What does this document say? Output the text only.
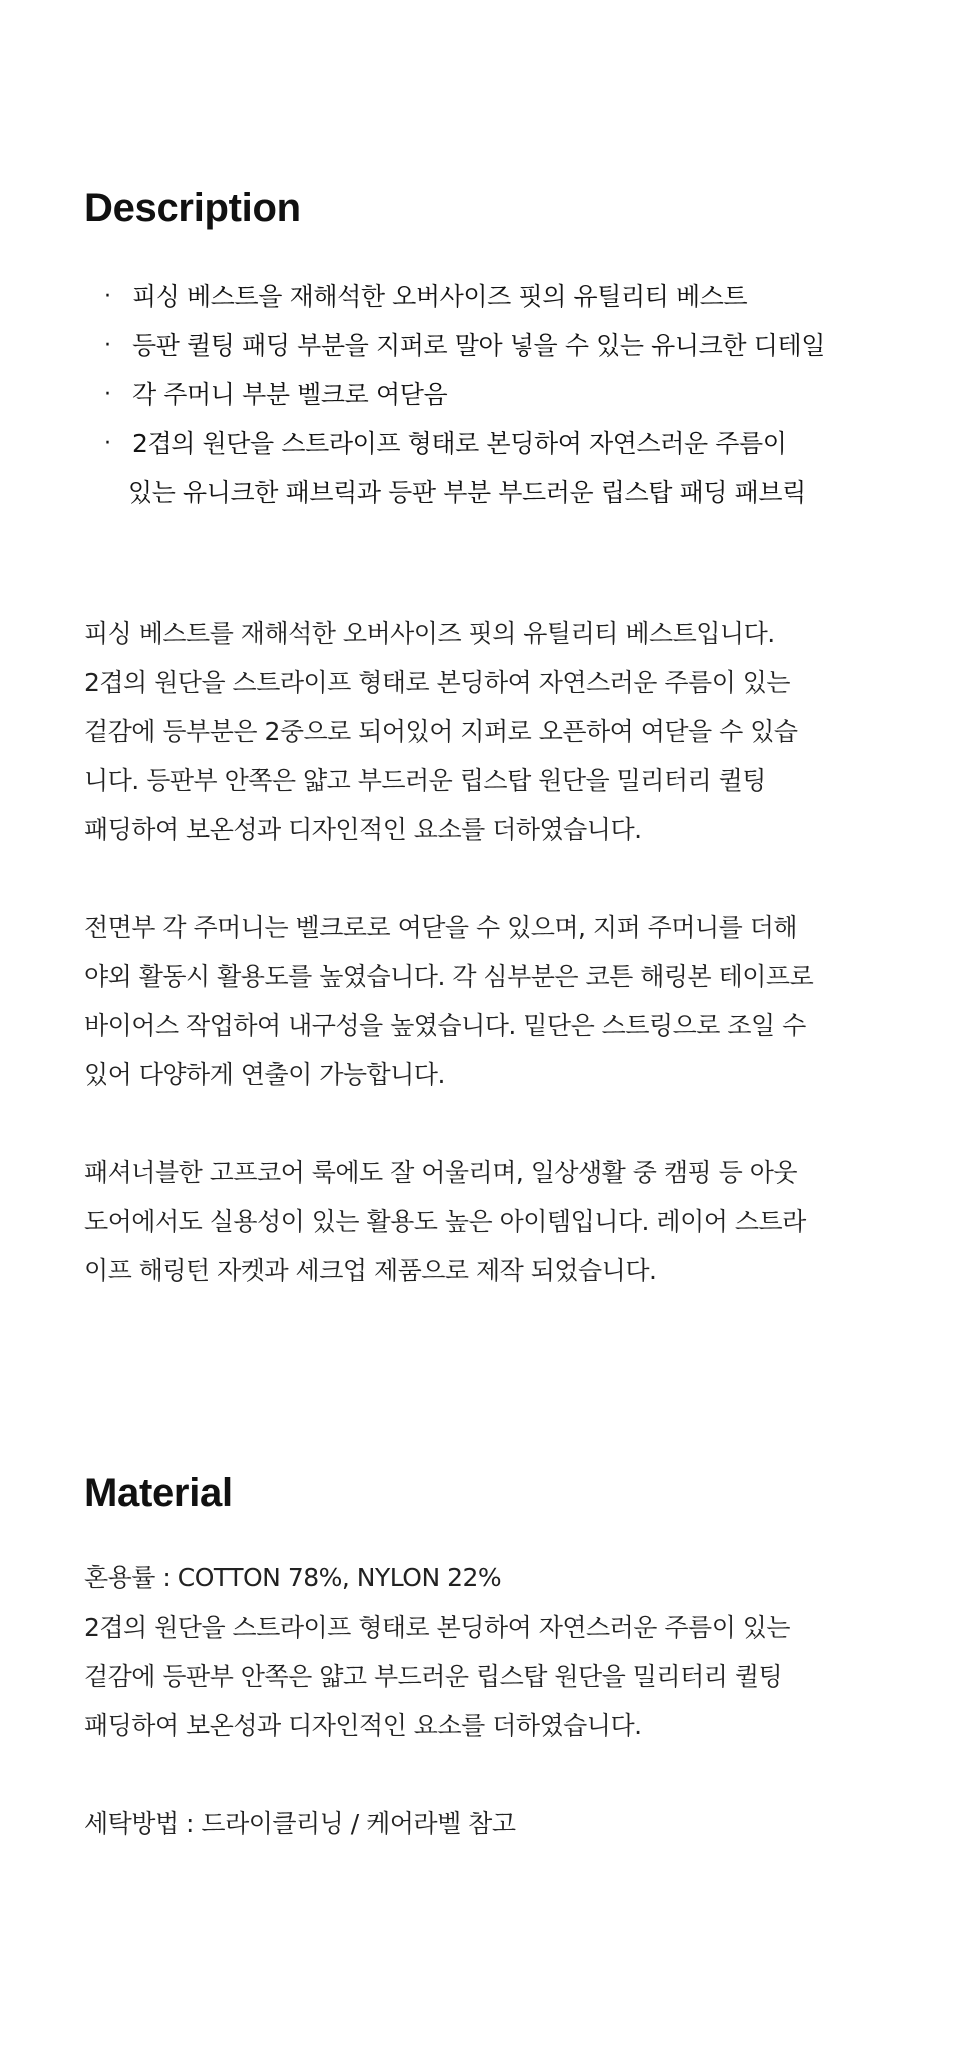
Description
· 피싱 베스트을 재해석한 오버사이즈 핏의 유틸리티 베스트
· 등판 퀼팅 패딩 부분을 지퍼로 말아 넣을 수 있는 유니크한 디테일
· 각 주머니 부분 벨크로 여닫음
· 2겹의 원단을 스트라이프 형태로 본딩하여 자연스러운 주름이
있는 유니크한 패브릭과 등판 부분 부드러운 립스탑 패딩 패브릭

피싱 베스트를 재해석한 오버사이즈 핏의 유틸리티 베스트입니다.
2겹의 원단을 스트라이프 형태로 본딩하여 자연스러운 주름이 있는
겉감에 등부분은 2중으로 되어있어 지퍼로 오픈하여 여닫을 수 있습
니다. 등판부 안쪽은 얇고 부드러운 립스탑 원단을 밀리터리 퀼팅
패딩하여 보온성과 디자인적인 요소를 더하였습니다.

전면부 각 주머니는 벨크로로 여닫을 수 있으며, 지퍼 주머니를 더해
야외 활동시 활용도를 높였습니다. 각 심부분은 코튼 해링본 테이프로
바이어스 작업하여 내구성을 높였습니다. 밑단은 스트링으로 조일 수
있어 다양하게 연출이 가능합니다.

패셔너블한 고프코어 룩에도 잘 어울리며, 일상생활 중 캠핑 등 아웃
도어에서도 실용성이 있는 활용도 높은 아이템입니다. 레이어 스트라
이프 해링턴 자켓과 세크업 제품으로 제작 되었습니다.

Material

혼용률 : COTTON 78%, NYLON 22%

2겹의 원단을 스트라이프 형태로 본딩하여 자연스러운 주름이 있는
겉감에 등판부 안쪽은 얇고 부드러운 립스탑 원단을 밀리터리 퀼팅
패딩하여 보온성과 디자인적인 요소를 더하였습니다.

세탁방법 : 드라이클리닝 / 케어라벨 참고
